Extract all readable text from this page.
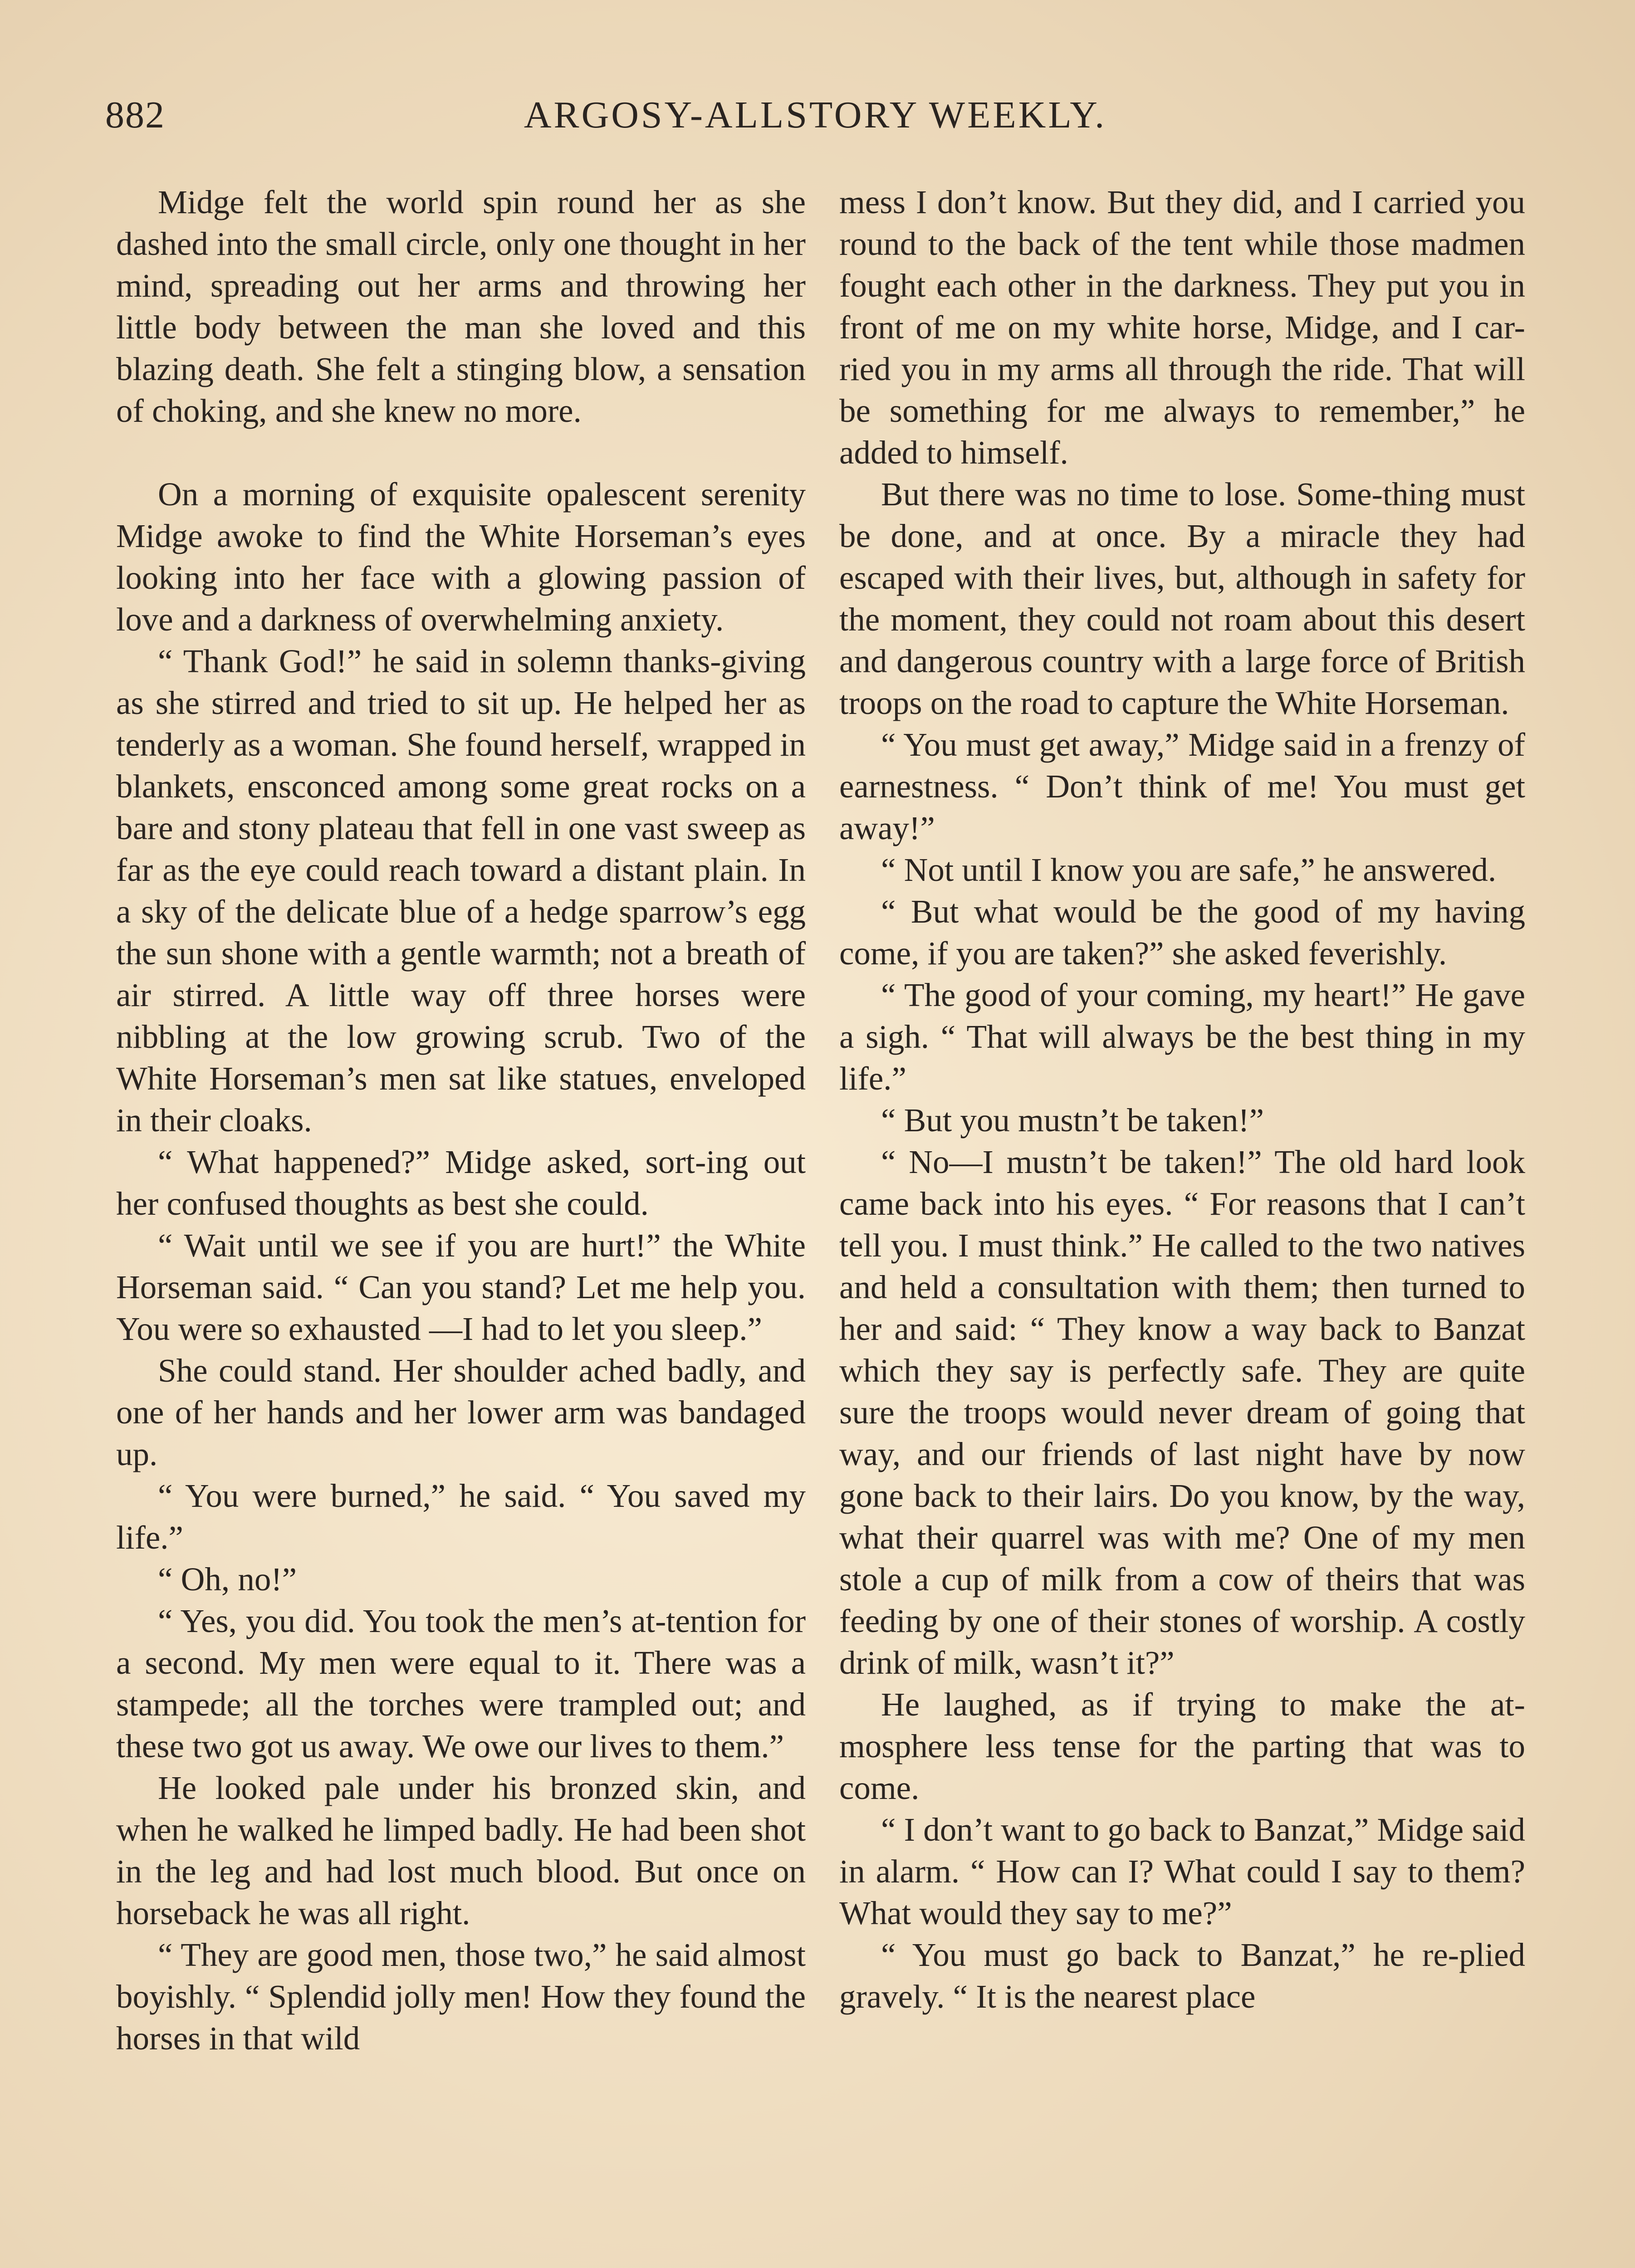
882	ARGOSY-ALLSTORY WEEKLY.

Midge felt the world spin round her as she dashed into the small circle, only one thought in her mind, spreading out her arms and throwing her little body between the man she loved and this blazing death. She felt a stinging blow, a sensation of choking, and she knew no more.

On a morning of exquisite opalescent serenity Midge awoke to find the White Horseman’s eyes looking into her face with a glowing passion of love and a darkness of overwhelming anxiety.

“ Thank God!” he said in solemn thanks-giving as she stirred and tried to sit up. He helped her as tenderly as a woman. She found herself, wrapped in blankets, ensconced among some great rocks on a bare and stony plateau that fell in one vast sweep as far as the eye could reach toward a distant plain. In a sky of the delicate blue of a hedge sparrow’s egg the sun shone with a gentle warmth; not a breath of air stirred. A little way off three horses were nibbling at the low growing scrub. Two of the White Horseman’s men sat like statues, enveloped in their cloaks.

“ What happened?” Midge asked, sort-ing out her confused thoughts as best she could.

“ Wait until we see if you are hurt!” the White Horseman said. “ Can you stand? Let me help you. You were so exhausted —I had to let you sleep.”

She could stand. Her shoulder ached badly, and one of her hands and her lower arm was bandaged up.

“ You were burned,” he said. “ You saved my life.”

“ Oh, no!”

“ Yes, you did. You took the men’s at-tention for a second. My men were equal to it. There was a stampede; all the torches were trampled out; and these two got us away. We owe our lives to them.”

He looked pale under his bronzed skin, and when he walked he limped badly. He had been shot in the leg and had lost much blood. But once on horseback he was all right.

“ They are good men, those two,” he said almost boyishly. “ Splendid jolly men! How they found the horses in that wild

mess I don’t know. But they did, and I carried you round to the back of the tent while those madmen fought each other in the darkness. They put you in front of me on my white horse, Midge, and I car-ried you in my arms all through the ride. That will be something for me always to remember,” he added to himself.

But there was no time to lose. Some-thing must be done, and at once. By a miracle they had escaped with their lives, but, although in safety for the moment, they could not roam about this desert and dangerous country with a large force of British troops on the road to capture the White Horseman.

“ You must get away,” Midge said in a frenzy of earnestness. “ Don’t think of me! You must get away!”

“ Not until I know you are safe,” he answered.

“ But what would be the good of my having come, if you are taken?” she asked feverishly.

“ The good of your coming, my heart!” He gave a sigh. “ That will always be the best thing in my life.”

“ But you mustn’t be taken!”

“ No—I mustn’t be taken!” The old hard look came back into his eyes. “ For reasons that I can’t tell you. I must think.” He called to the two natives and held a consultation with them; then turned to her and said: “ They know a way back to Banzat which they say is perfectly safe. They are quite sure the troops would never dream of going that way, and our friends of last night have by now gone back to their lairs. Do you know, by the way, what their quarrel was with me? One of my men stole a cup of milk from a cow of theirs that was feeding by one of their stones of worship. A costly drink of milk, wasn’t it?”

He laughed, as if trying to make the at-mosphere less tense for the parting that was to come.

“ I don’t want to go back to Banzat,” Midge said in alarm. “ How can I? What could I say to them? What would they say to me?”

“ You must go back to Banzat,” he re-plied gravely. “ It is the nearest place
